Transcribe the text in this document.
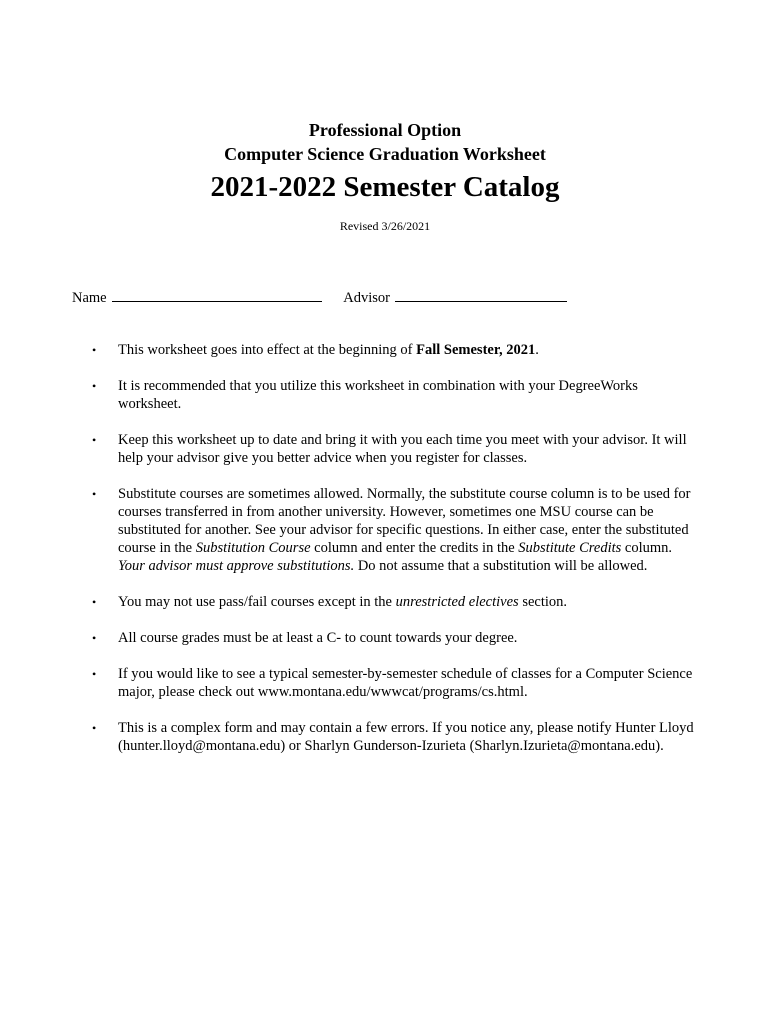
Professional Option
Computer Science Graduation Worksheet
2021-2022 Semester Catalog
Revised 3/26/2021
Name	Advisor
• This worksheet goes into effect at the beginning of Fall Semester, 2021.
• It is recommended that you utilize this worksheet in combination with your DegreeWorks worksheet.
• Keep this worksheet up to date and bring it with you each time you meet with your advisor. It will help your advisor give you better advice when you register for classes.
• Substitute courses are sometimes allowed. Normally, the substitute course column is to be used for courses transferred in from another university. However, sometimes one MSU course can be substituted for another. See your advisor for specific questions. In either case, enter the substituted course in the Substitution Course column and enter the credits in the Substitute Credits column. Your advisor must approve substitutions. Do not assume that a substitution will be allowed.
• You may not use pass/fail courses except in the unrestricted electives section.
• All course grades must be at least a C- to count towards your degree.
• If you would like to see a typical semester-by-semester schedule of classes for a Computer Science major, please check out www.montana.edu/wwwcat/programs/cs.html.
• This is a complex form and may contain a few errors. If you notice any, please notify Hunter Lloyd (hunter.lloyd@montana.edu) or Sharlyn Gunderson-Izurieta (Sharlyn.Izurieta@montana.edu).
